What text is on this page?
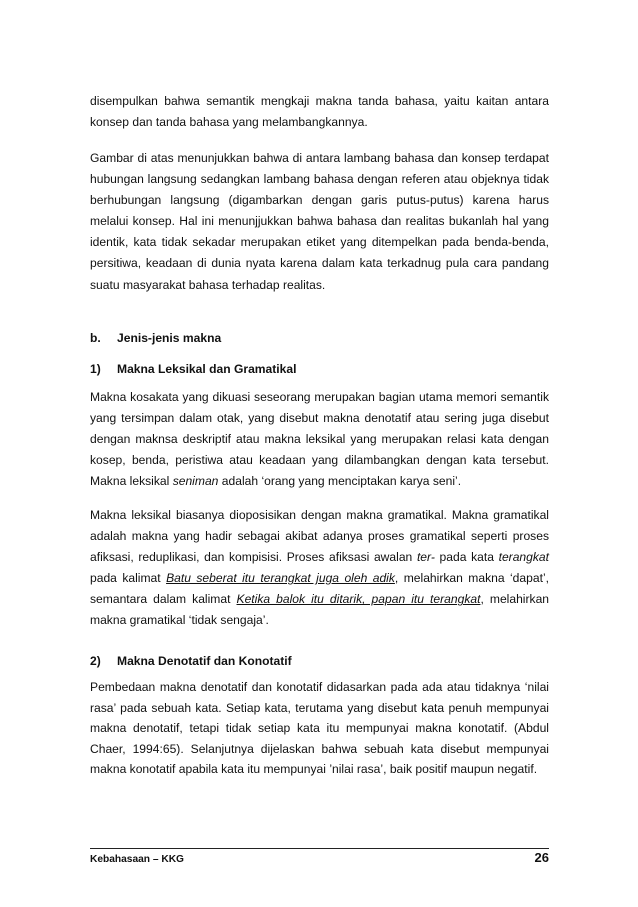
disempulkan bahwa semantik mengkaji makna tanda bahasa, yaitu kaitan antara konsep dan tanda bahasa yang melambangkannya.

Gambar di atas menunjukkan bahwa di antara lambang bahasa dan konsep terdapat hubungan langsung sedangkan lambang bahasa dengan referen atau objeknya tidak berhubungan langsung (digambarkan dengan garis putus-putus) karena harus melalui konsep. Hal ini menunjjukkan bahwa bahasa dan realitas bukanlah hal yang identik, kata tidak sekadar merupakan etiket yang ditempelkan pada benda-benda, persitiwa, keadaan di dunia nyata karena dalam kata terkadnug pula cara pandang suatu masyarakat bahasa terhadap realitas.

b. Jenis-jenis makna
1) Makna Leksikal dan Gramatikal

Makna kosakata yang dikuasi seseorang merupakan bagian utama memori semantik yang tersimpan dalam otak, yang disebut makna denotatif atau sering juga disebut dengan maknsa deskriptif atau makna leksikal yang merupakan relasi kata dengan kosep, benda, peristiwa atau keadaan yang dilambangkan dengan kata tersebut. Makna leksikal seniman adalah ‘orang yang menciptakan karya seni’.

Makna leksikal biasanya dioposisikan dengan makna gramatikal. Makna gramatikal adalah makna yang hadir sebagai akibat adanya proses gramatikal seperti proses afiksasi, reduplikasi, dan kompisisi. Proses afiksasi awalan ter- pada kata terangkat pada kalimat Batu seberat itu terangkat juga oleh adik, melahirkan makna ‘dapat’, semantara dalam kalimat Ketika balok itu ditarik, papan itu terangkat, melahirkan makna gramatikal ‘tidak sengaja’.

2) Makna Denotatif dan Konotatif

Pembedaan makna denotatif dan konotatif didasarkan pada ada atau tidaknya ‘nilai rasa’ pada sebuah kata. Setiap kata, terutama yang disebut kata penuh mempunyai makna denotatif, tetapi tidak setiap kata itu mempunyai makna konotatif. (Abdul Chaer, 1994:65). Selanjutnya dijelaskan bahwa sebuah kata disebut mempunyai makna konotatif apabila kata itu mempunyai ’nilai rasa’, baik positif maupun negatif.

Kebahasaan – KKG	26
